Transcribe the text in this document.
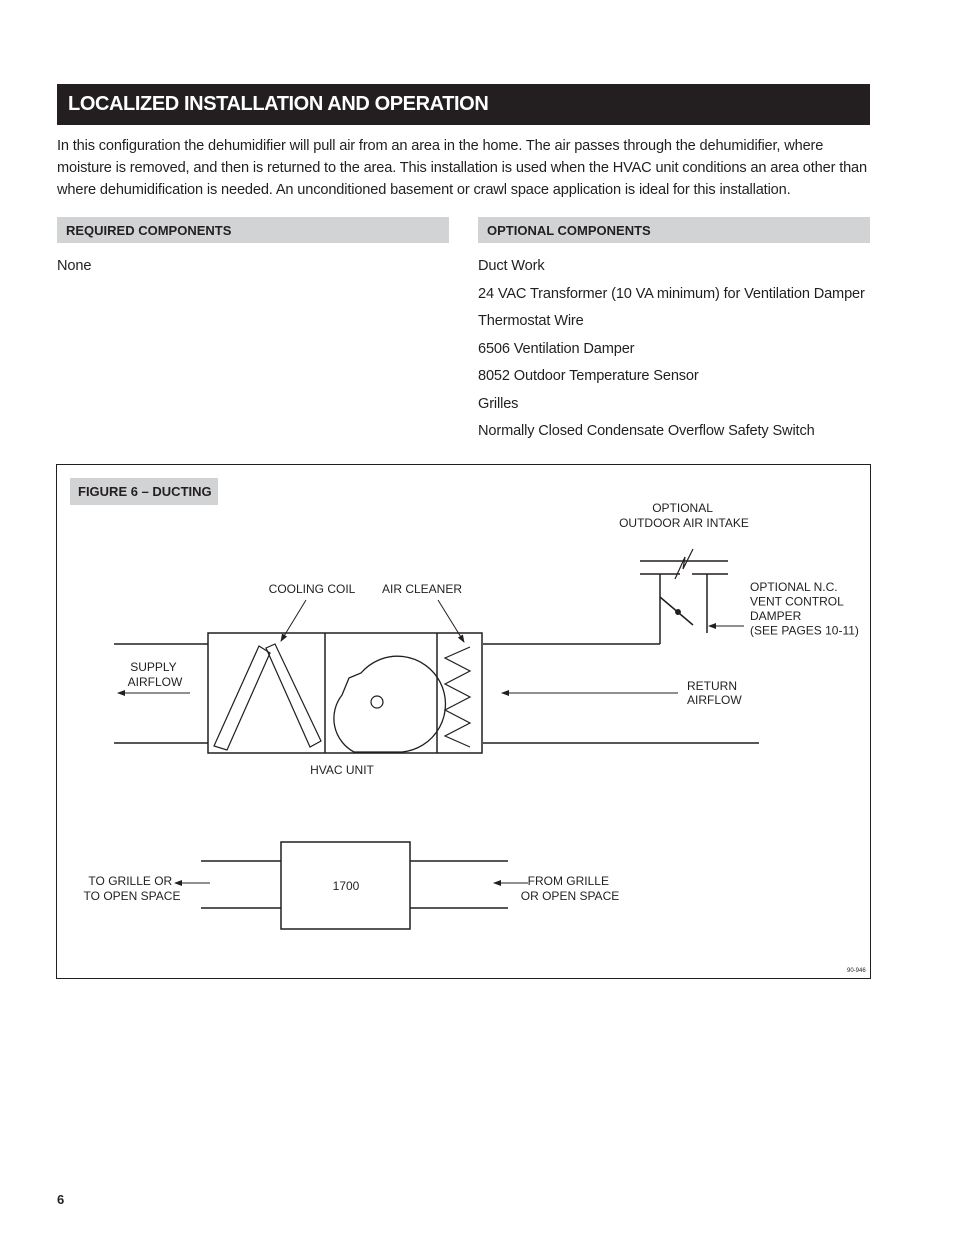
LOCALIZED INSTALLATION AND OPERATION

In this configuration the dehumidifier will pull air from an area in the home. The air passes through the dehumidifier, where moisture is removed, and then is returned to the area. This installation is used when the HVAC unit conditions an area other than where dehumidification is needed. An unconditioned basement or crawl space application is ideal for this installation.

REQUIRED COMPONENTS	OPTIONAL COMPONENTS
None	Duct Work
24 VAC Transformer (10 VA minimum) for Ventilation Damper
Thermostat Wire
6506 Ventilation Damper
8052 Outdoor Temperature Sensor
Grilles
Normally Closed Condensate Overflow Safety Switch
FIGURE 6 – DUCTING
OPTIONAL OUTDOOR AIR INTAKE
COOLING COIL AIR CLEANER	OPTIONAL N.C. VENT CONTROL DAMPER (SEE PAGES 10-11)
SUPPLY AIRFLOW	RETURN AIRFLOW
HVAC UNIT
1700
TO GRILLE OR TO OPEN SPACE
FROM GRILLE OR OPEN SPACE
90-946
6
